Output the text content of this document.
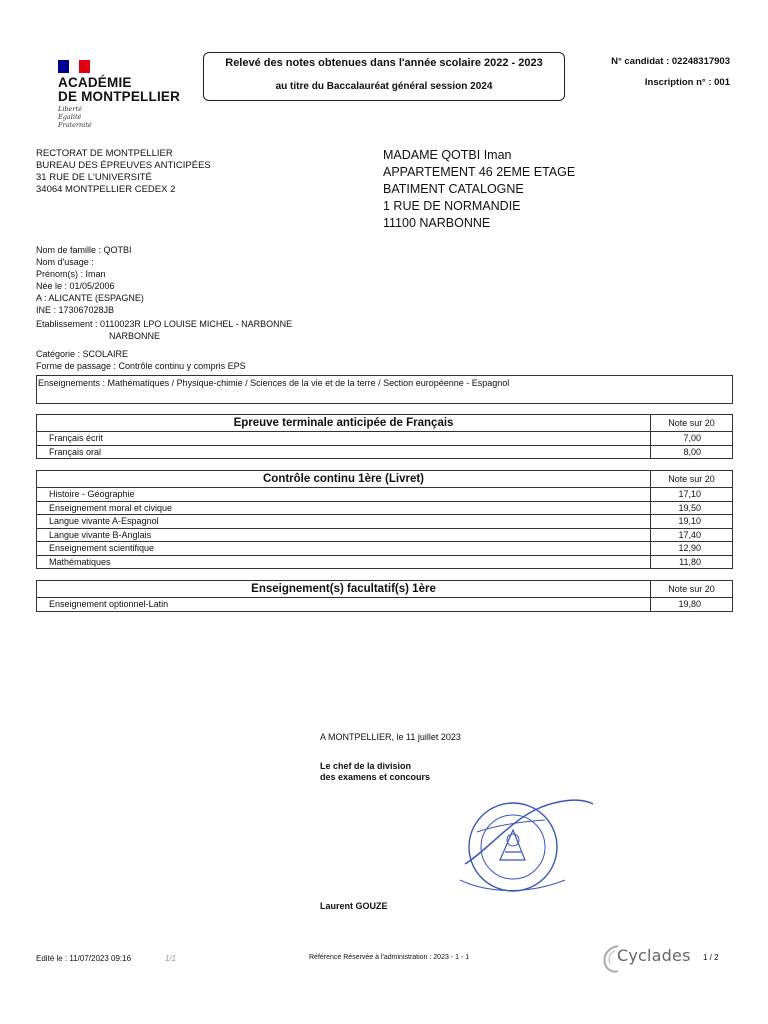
ACADÉMIE
DE MONTPELLIER
Liberté
Égalité
Fraternité
Relevé des notes obtenues dans l'année scolaire 2022 - 2023
au titre du Baccalauréat général session 2024
N° candidat : 02248317903
Inscription n° : 001
RECTORAT DE MONTPELLIER
BUREAU DES ÉPREUVES ANTICIPÉES
31 RUE DE L'UNIVERSITÉ
34064 MONTPELLIER CEDEX 2
MADAME QOTBI Iman
APPARTEMENT 46 2EME ETAGE
BATIMENT CATALOGNE
1 RUE DE NORMANDIE
11100 NARBONNE
Nom de famille : QOTBI
Nom d'usage :
Prénom(s) : Iman
Née le : 01/05/2006
A : ALICANTE (ESPAGNE)
INE : 173067028JB
Etablissement : 0110023R LPO LOUISE MICHEL - NARBONNE
NARBONNE
Catégorie : SCOLAIRE
Forme de passage : Contrôle continu y compris EPS
Enseignements : Mathématiques / Physique-chimie / Sciences de la vie et de la terre / Section européenne - Espagnol
Epreuve terminale anticipée de Français	Note sur 20
Français écrit	7,00
Français oral	8,00
Contrôle continu 1ère (Livret)	Note sur 20
Histoire - Géographie	17,10
Enseignement moral et civique	19,50
Langue vivante A-Espagnol	19,10
Langue vivante B-Anglais	17,40
Enseignement scientifique	12,90
Mathématiques	11,80
Enseignement(s) facultatif(s) 1ère	Note sur 20
Enseignement optionnel-Latin	19,80
A MONTPELLIER, le 11 juillet 2023
Le chef de la division
des examens et concours
Laurent GOUZE
Edité le : 11/07/2023 09:16	1/1	Référence Réservée à l'administration : 2023 - 1 - 1	Cyclades 1 / 2
